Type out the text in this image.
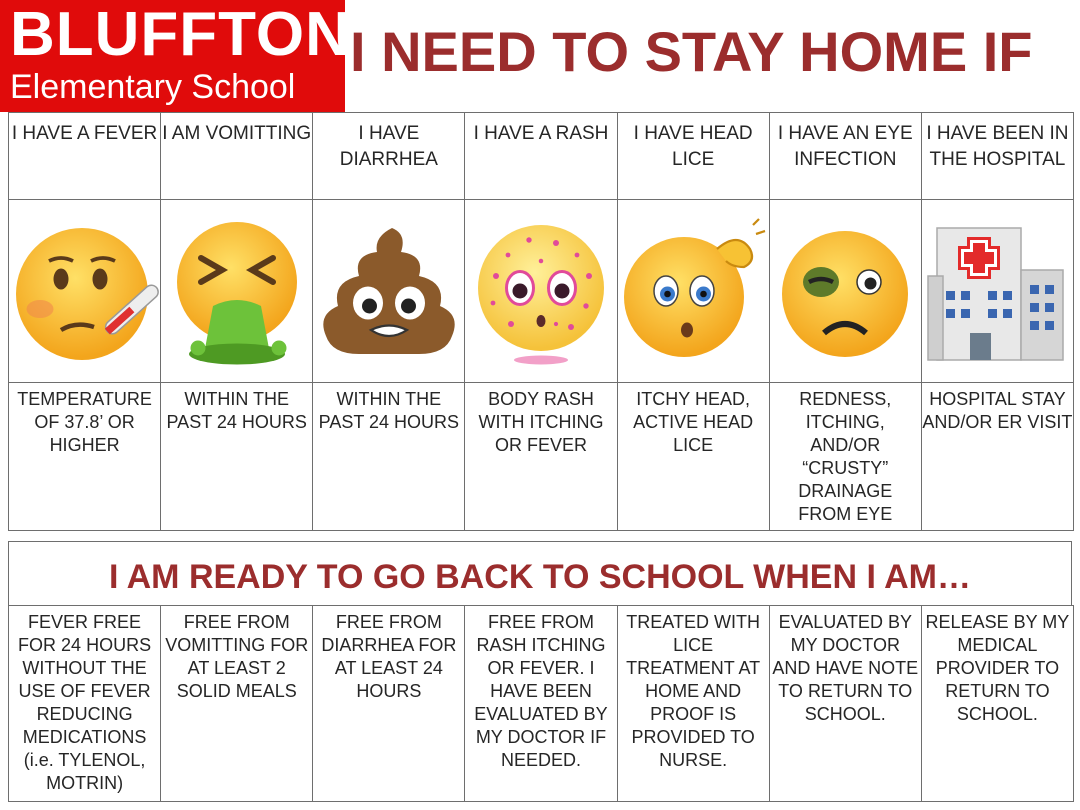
BLUFFTON
Elementary School
I NEED TO STAY HOME IF
I HAVE A FEVER	I AM VOMITTING	I HAVE DIARRHEA	I HAVE A RASH	I HAVE HEAD LICE	I HAVE AN EYE INFECTION	I HAVE BEEN IN THE HOSPITAL

TEMPERATURE OF 37.8’ OR HIGHER	WITHIN THE PAST 24 HOURS	WITHIN THE PAST 24 HOURS	BODY RASH WITH ITCHING OR FEVER	ITCHY HEAD, ACTIVE HEAD LICE	REDNESS, ITCHING, AND/OR “CRUSTY” DRAINAGE FROM EYE	HOSPITAL STAY AND/OR ER VISIT
I AM READY TO GO BACK TO SCHOOL WHEN I AM…
FEVER FREE FOR 24 HOURS WITHOUT THE USE OF FEVER REDUCING MEDICATIONS (i.e. TYLENOL, MOTRIN)	FREE FROM VOMITTING FOR AT LEAST 2 SOLID MEALS	FREE FROM DIARRHEA FOR AT LEAST 24 HOURS	FREE FROM RASH ITCHING OR FEVER. I HAVE BEEN EVALUATED BY MY DOCTOR IF NEEDED.	TREATED WITH LICE TREATMENT AT HOME AND PROOF IS PROVIDED TO NURSE.	EVALUATED BY MY DOCTOR AND HAVE NOTE TO RETURN TO SCHOOL.	RELEASE BY MY MEDICAL PROVIDER TO RETURN TO SCHOOL.
